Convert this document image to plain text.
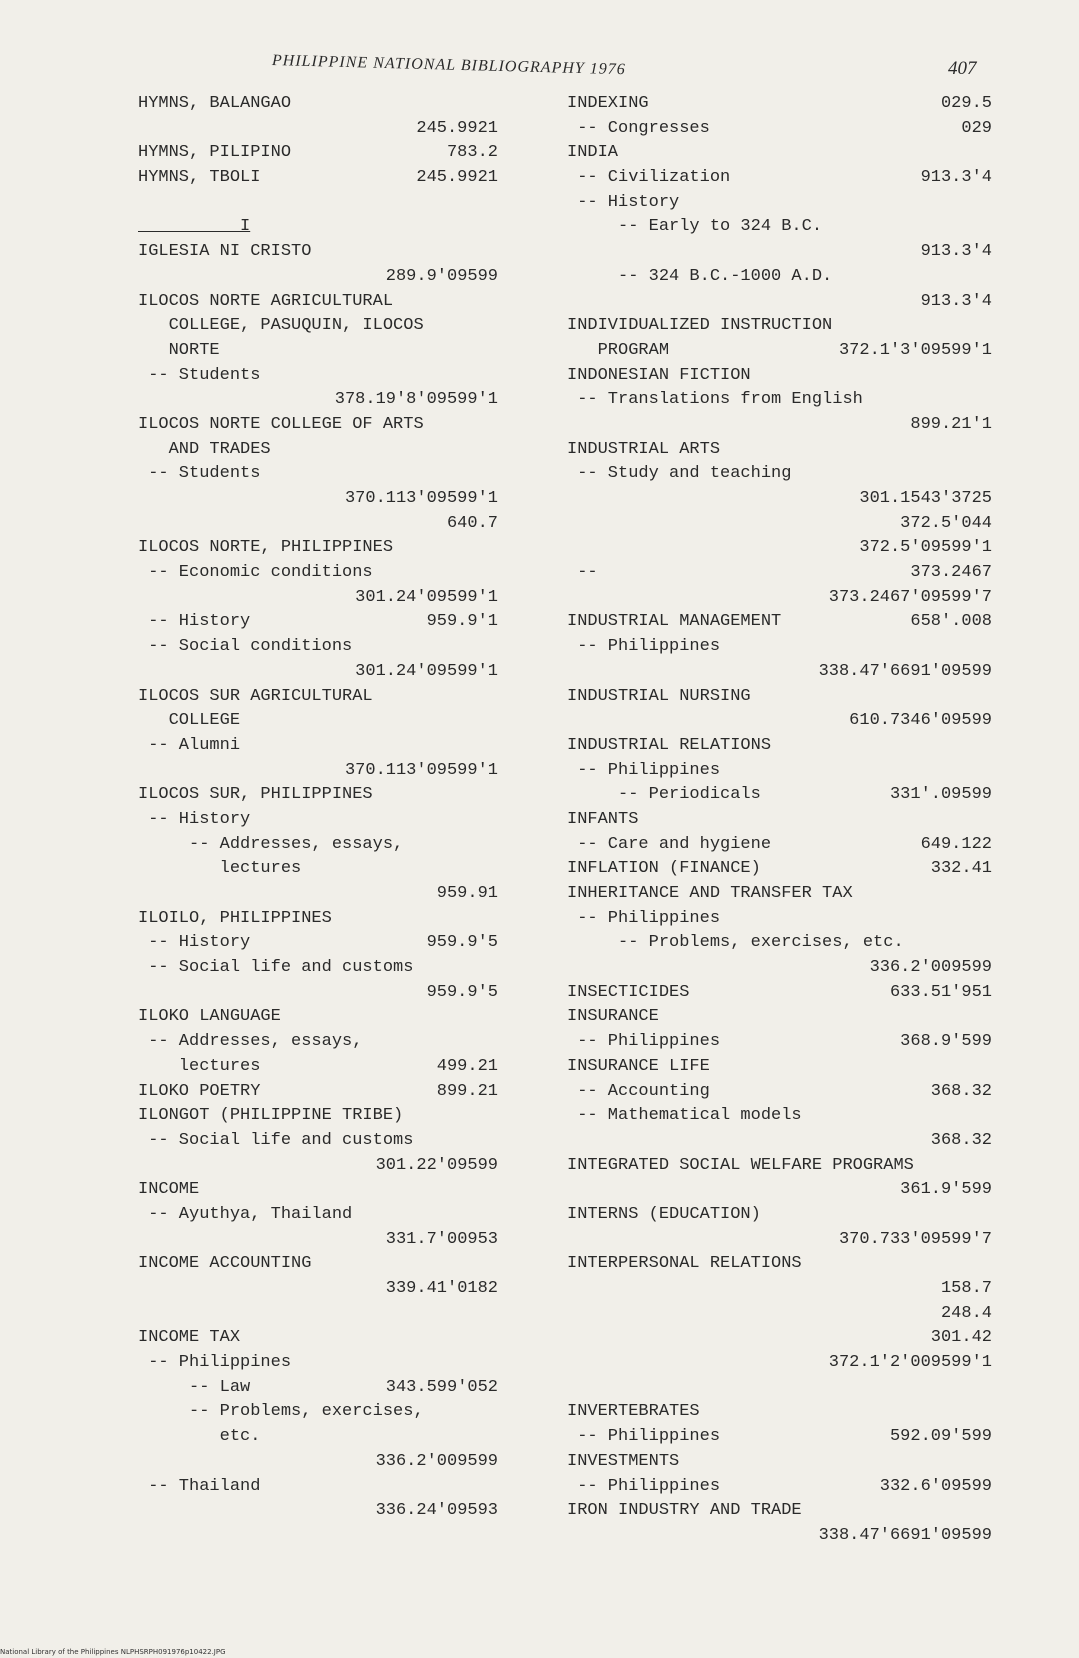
PHILIPPINE NATIONAL BIBLIOGRAPHY 1976	407
HYMNS, BALANGAO
245.9921
HYMNS, PILIPINO	783.2
HYMNS, TBOLI	245.9921
I
IGLESIA NI CRISTO
289.9'09599
ILOCOS NORTE AGRICULTURAL
COLLEGE, PASUQUIN, ILOCOS
NORTE
-- Students
378.19'8'09599'1
ILOCOS NORTE COLLEGE OF ARTS
AND TRADES
-- Students
370.113'09599'1
640.7
ILOCOS NORTE, PHILIPPINES
-- Economic conditions
301.24'09599'1
-- History	959.9'1
-- Social conditions
301.24'09599'1
ILOCOS SUR AGRICULTURAL
COLLEGE
-- Alumni
370.113'09599'1
ILOCOS SUR, PHILIPPINES
-- History
-- Addresses, essays,
lectures
959.91
ILOILO, PHILIPPINES
-- History	959.9'5
-- Social life and customs
959.9'5
ILOKO LANGUAGE
-- Addresses, essays,
lectures	499.21
ILOKO POETRY	899.21
ILONGOT (PHILIPPINE TRIBE)
-- Social life and customs
301.22'09599
INCOME
-- Ayuthya, Thailand
331.7'00953
INCOME ACCOUNTING
339.41'0182
INCOME TAX
-- Philippines
-- Law	343.599'052
-- Problems, exercises,
etc.
336.2'009599
-- Thailand
336.24'09593
INDEXING	029.5
-- Congresses	029
INDIA
-- Civilization	913.3'4
-- History
-- Early to 324 B.C.
913.3'4
-- 324 B.C.-1000 A.D.
913.3'4
INDIVIDUALIZED INSTRUCTION
PROGRAM	372.1'3'09599'1
INDONESIAN FICTION
-- Translations from English
899.21'1
INDUSTRIAL ARTS
-- Study and teaching
301.1543'3725
372.5'044
372.5'09599'1
--	373.2467
373.2467'09599'7
INDUSTRIAL MANAGEMENT	658'.008
-- Philippines
338.47'6691'09599
INDUSTRIAL NURSING
610.7346'09599
INDUSTRIAL RELATIONS
-- Philippines
-- Periodicals	331'.09599
INFANTS
-- Care and hygiene	649.122
INFLATION (FINANCE)	332.41
INHERITANCE AND TRANSFER TAX
-- Philippines
-- Problems, exercises, etc.
336.2'009599
INSECTICIDES	633.51'951
INSURANCE
-- Philippines	368.9'599
INSURANCE LIFE
-- Accounting	368.32
-- Mathematical models
368.32
INTEGRATED SOCIAL WELFARE PROGRAMS
361.9'599
INTERNS (EDUCATION)
370.733'09599'7
INTERPERSONAL RELATIONS
158.7
248.4
301.42
372.1'2'009599'1
INVERTEBRATES
-- Philippines	592.09'599
INVESTMENTS
-- Philippines	332.6'09599
IRON INDUSTRY AND TRADE
338.47'6691'09599
National Library of the Philippines NLPHSRPH091976p10422.JPG
